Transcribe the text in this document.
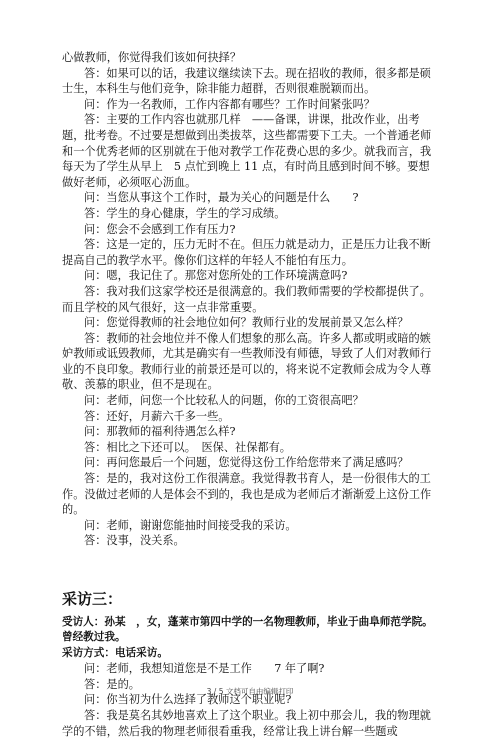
心做教师，你觉得我们该如何抉择？

答：如果可以的话，我建议继续读下去。现在招收的教师，很多都是硕士生，本科生与他们竞争，除非能力超群，否则很难脱颖而出。

问：作为一名教师，工作内容都有哪些？工作时间紧张吗？

答：主要的工作内容也就那几样　——备课，讲课，批改作业，出考题，批考卷。不过要是想做到出类拔萃，这些都需要下工夫。一个普通老师和一个优秀老师的区别就在于他对教学工作花费心思的多少。就我而言，我每天为了学生从早上　5 点忙到晚上 11 点，有时尚且感到时间不够。要想做好老师，必须呕心沥血。

问：当您从事这个工作时，最为关心的问题是什么　　?

答：学生的身心健康，学生的学习成绩。

问：您会不会感到工作有压力?

答：这是一定的，压力无时不在。但压力就是动力，正是压力让我不断提高自己的教学水平。像你们这样的年轻人不能怕有压力。

问：嗯，我记住了。那您对您所处的工作环境满意吗?

答：我对我们这家学校还是很满意的。我们教师需要的学校都提供了。而且学校的风气很好，这一点非常重要。

问：您觉得教师的社会地位如何？教师行业的发展前景又怎么样？

答：教师的社会地位并不像人们想象的那么高。许多人都或明或暗的嫉妒教师或诋毁教师，尤其是确实有一些教师没有师德，导致了人们对教师行业的不良印象。教师行业的前景还是可以的，将来说不定教师会成为令人尊敬、羡慕的职业，但不是现在。

问：老师，问您一个比较私人的问题，你的工资很高吧？

答：还好，月薪六千多一些。

问：那教师的福利待遇怎么样?

答：相比之下还可以。　医保、社保都有。

问：再问您最后一个问题，您觉得这份工作给您带来了满足感吗？

答：是的，我对这份工作很满意。我觉得教书育人，是一份很伟大的工作。没做过老师的人是体会不到的，我也是成为老师后才渐渐爱上这份工作的。

问：老师，谢谢您能抽时间接受我的采访。

答：没事，没关系。

采访三：

受访人：孙某　，女，蓬莱市第四中学的一名物理教师，毕业于曲阜师范学院。曾经教过我。

采访方式：电话采访。

问：老师，我想知道您是不是工作　　7 年了啊?

答：是的。

问：你当初为什么选择了教师这个职业呢?

答：我是莫名其妙地喜欢上了这个职业。我上初中那会儿，我的物理就学的不错，然后我的物理老师很看重我，经常让我上讲台解一些题或

3 / 5 文档可自由编辑打印
